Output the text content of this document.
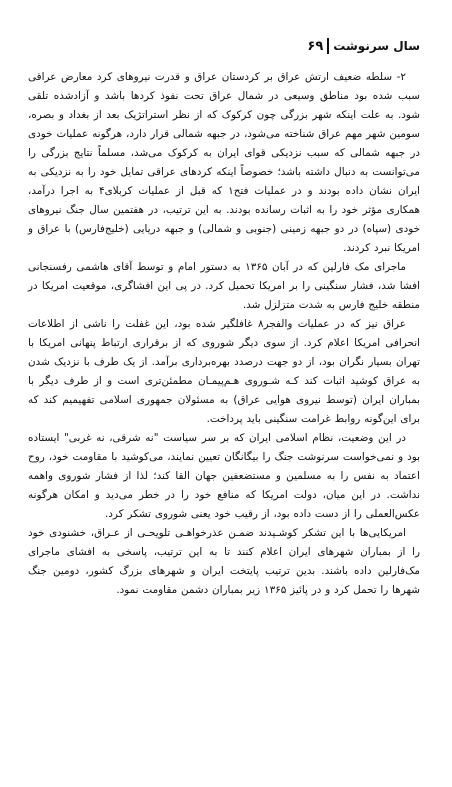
سال سرنوشت
۶۹

۲- سلطه ضعیف ارتش عراق بر کردستان عراق و قدرت نیروهای کرد معارض عراقی سبب شده بود مناطق وسیعی در شمال عراق تحت نفوذ کردها باشد و آزادشده تلقی شود. به علت اینکه شهر بزرگی چون کرکوک که از نظر استراتژیک بعد از بغداد و بصره، سومین شهر مهم عراق شناخته می‌شود، در جبهه شمالی قرار دارد، هرگونه عملیات خودی در جبهه شمالی که سبب نزدیکی قوای ایران به کرکوک می‌شد، مسلماً نتایج بزرگی را می‌توانست به دنبال داشته باشد؛ خصوصاً اینکه کردهای عراقی تمایل خود را به نزدیکی به ایران نشان داده بودند و در عملیات فتح۱ که قبل از عملیات کربلای۴ به اجرا درآمد، همکاری مؤثر خود را به اثبات رسانده بودند. به این ترتیب، در هفتمین سال جنگ نیروهای خودی (سپاه) در دو جبهه زمینی (جنوبی و شمالی) و جبهه دریایی (خلیج‌فارس) با عراق و امریکا نبرد کردند.

ماجرای مک فارلین که در آبان ۱۳۶۵ به دستور امام و توسط آقای هاشمی رفسنجانی افشا شد، فشار سنگینی را بر امریکا تحمیل کرد. در پی این افشاگری، موقعیت امریکا در منطقه خلیج فارس به شدت متزلزل شد.

عراق نیز که در عملیات والفجر۸ غافلگیر شده بود، این غفلت را ناشی از اطلاعات انحرافی امریکا اعلام کرد. از سوی دیگر شوروی که از برقراری ارتباط پنهانی امریکا با تهران بسیار نگران بود، از دو جهت درصدد بهره‌برداری برآمد. از یک طرف با نزدیک شدن به عراق کوشید اثبات کند کـه شـوروی هـم‌پیمـان مطمئن‌تری است و از طرف دیگر با بمباران ایران (توسط نیروی هوایی عراق) به مسئولان جمهوری اسلامی تفهیمیم کند که برای این‌گونه روابط غرامت سنگینی باید پرداخت.

در این وضعیت، نظام اسلامی ایران که بر سر سیاست "نه شرقی، نه غربی" ایستاده بود و نمی‌خواست سرنوشت جنگ را بیگانگان تعیین نمایند، می‌کوشید با مقاومت خود، روح اعتماد به نفس را به مسلمین و مستضعفین جهان القا کند؛ لذا از فشار شوروی واهمه نداشت. در این میان، دولت امریکا که منافع خود را در خطر می‌دید و امکان هرگونه عکس‌العملی را از دست داده بود، از رقیب خود یعنی شوروی تشکر کرد.

امریکایی‌ها با این تشکر کوشـیدند ضمـن عذرخواهـی تلویحـی از عـراق، خشنودی خود را از بمباران شهرهای ایران اعلام کنند تا به این ترتیب، پاسخی به افشای ماجرای مک‌فارلین داده باشند. بدین ترتیب پایتخت ایران و شهرهای بزرگ کشور، دومین جنگ شهرها را تحمل کرد و در پائیز ۱۳۶۵ زیر بمباران دشمن مقاومت نمود.
